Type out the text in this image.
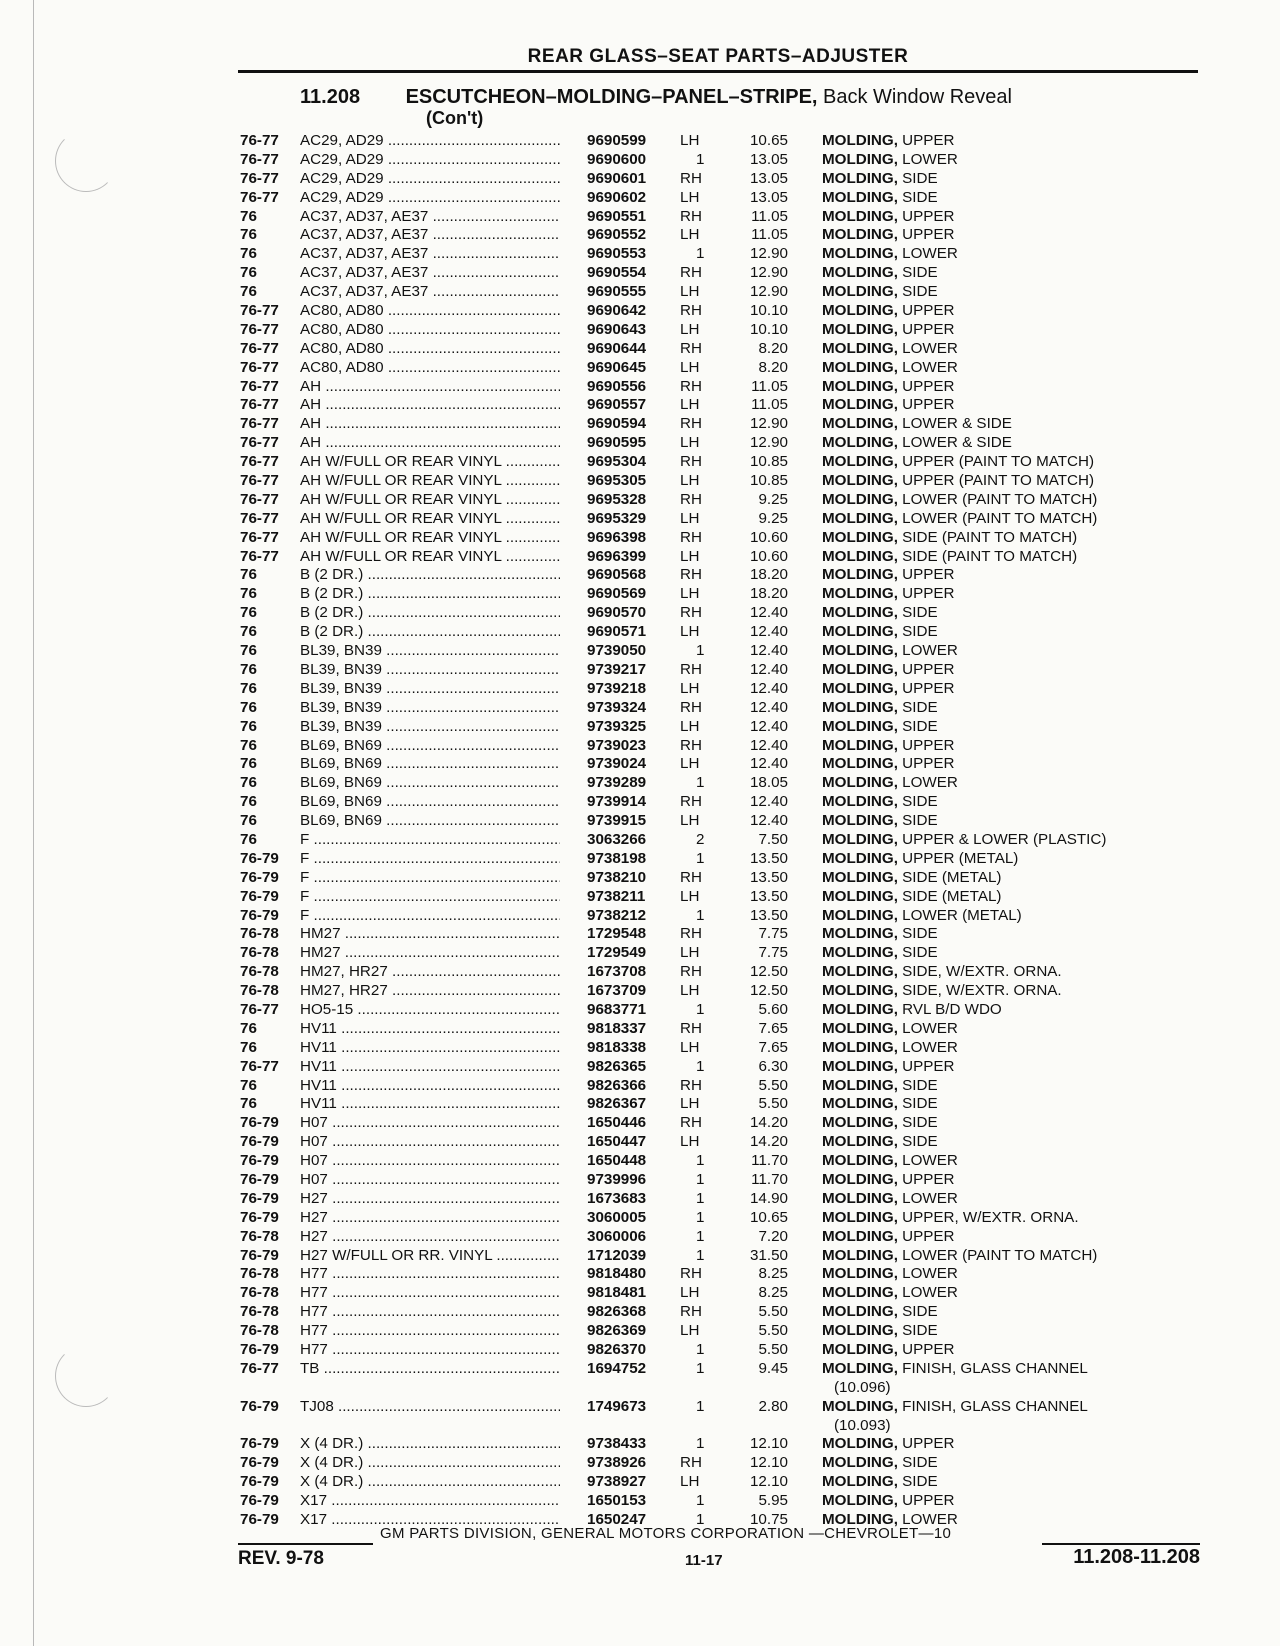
REAR GLASS–SEAT PARTS–ADJUSTER
11.208 ESCUTCHEON–MOLDING–PANEL–STRIPE, Back Window Reveal
(Con't)
76-77	AC29, AD29 .....	9690599	LH	10.65 MOLDING, UPPER
76-77	AC29, AD29 .....	9690600	1	13.05 MOLDING, LOWER
76-77	AC29, AD29 .....	9690601	RH	13.05 MOLDING, SIDE
76-77	AC29, AD29 .....	9690602	LH	13.05 MOLDING, SIDE
76	AC37, AD37, AE37 .....	9690551	RH	11.05 MOLDING, UPPER
76	AC37, AD37, AE37 .....	9690552	LH	11.05 MOLDING, UPPER
76	AC37, AD37, AE37 .....	9690553	1	12.90 MOLDING, LOWER
76	AC37, AD37, AE37 .....	9690554	RH	12.90 MOLDING, SIDE
76	AC37, AD37, AE37 .....	9690555	LH	12.90 MOLDING, SIDE
76-77	AC80, AD80 .....	9690642	RH	10.10 MOLDING, UPPER
76-77	AC80, AD80 .....	9690643	LH	10.10 MOLDING, UPPER
76-77	AC80, AD80 .....	9690644	RH	8.20 MOLDING, LOWER
76-77	AC80, AD80 .....	9690645	LH	8.20 MOLDING, LOWER
76-77	AH .....	9690556	RH	11.05 MOLDING, UPPER
76-77	AH .....	9690557	LH	11.05 MOLDING, UPPER
76-77	AH .....	9690594	RH	12.90 MOLDING, LOWER & SIDE
76-77	AH .....	9690595	LH	12.90 MOLDING, LOWER & SIDE
76-77	AH W/FULL OR REAR VINYL .....	9695304	RH	10.85 MOLDING, UPPER (PAINT TO MATCH)
76-77	AH W/FULL OR REAR VINYL .....	9695305	LH	10.85 MOLDING, UPPER (PAINT TO MATCH)
76-77	AH W/FULL OR REAR VINYL .....	9695328	RH	9.25 MOLDING, LOWER (PAINT TO MATCH)
76-77	AH W/FULL OR REAR VINYL .....	9695329	LH	9.25 MOLDING, LOWER (PAINT TO MATCH)
76-77	AH W/FULL OR REAR VINYL .....	9696398	RH	10.60 MOLDING, SIDE (PAINT TO MATCH)
76-77	AH W/FULL OR REAR VINYL .....	9696399	LH	10.60 MOLDING, SIDE (PAINT TO MATCH)
76	B (2 DR.) .....	9690568	RH	18.20 MOLDING, UPPER
76	B (2 DR.) .....	9690569	LH	18.20 MOLDING, UPPER
76	B (2 DR.) .....	9690570	RH	12.40 MOLDING, SIDE
76	B (2 DR.) .....	9690571	LH	12.40 MOLDING, SIDE
76	BL39, BN39 .....	9739050	1	12.40 MOLDING, LOWER
76	BL39, BN39 .....	9739217	RH	12.40 MOLDING, UPPER
76	BL39, BN39 .....	9739218	LH	12.40 MOLDING, UPPER
76	BL39, BN39 .....	9739324	RH	12.40 MOLDING, SIDE
76	BL39, BN39 .....	9739325	LH	12.40 MOLDING, SIDE
76	BL69, BN69 .....	9739023	RH	12.40 MOLDING, UPPER
76	BL69, BN69 .....	9739024	LH	12.40 MOLDING, UPPER
76	BL69, BN69 .....	9739289	1	18.05 MOLDING, LOWER
76	BL69, BN69 .....	9739914	RH	12.40 MOLDING, SIDE
76	BL69, BN69 .....	9739915	LH	12.40 MOLDING, SIDE
76	F .....	3063266	2	7.50 MOLDING, UPPER & LOWER (PLASTIC)
76-79	F .....	9738198	1	13.50 MOLDING, UPPER (METAL)
76-79	F .....	9738210	RH	13.50 MOLDING, SIDE (METAL)
76-79	F .....	9738211	LH	13.50 MOLDING, SIDE (METAL)
76-79	F .....	9738212	1	13.50 MOLDING, LOWER (METAL)
76-78	HM27 .....	1729548	RH	7.75 MOLDING, SIDE
76-78	HM27 .....	1729549	LH	7.75 MOLDING, SIDE
76-78	HM27, HR27 .....	1673708	RH	12.50 MOLDING, SIDE, W/EXTR. ORNA.
76-78	HM27, HR27 .....	1673709	LH	12.50 MOLDING, SIDE, W/EXTR. ORNA.
76-77	HO5-15 .....	9683771	1	5.60 MOLDING, RVL B/D WDO
76	HV11 .....	9818337	RH	7.65 MOLDING, LOWER
76	HV11 .....	9818338	LH	7.65 MOLDING, LOWER
76-77	HV11 .....	9826365	1	6.30 MOLDING, UPPER
76	HV11 .....	9826366	RH	5.50 MOLDING, SIDE
76	HV11 .....	9826367	LH	5.50 MOLDING, SIDE
76-79	H07 .....	1650446	RH	14.20 MOLDING, SIDE
76-79	H07 .....	1650447	LH	14.20 MOLDING, SIDE
76-79	H07 .....	1650448	1	11.70 MOLDING, LOWER
76-79	H07 .....	9739996	1	11.70 MOLDING, UPPER
76-79	H27 .....	1673683	1	14.90 MOLDING, LOWER
76-79	H27 .....	3060005	1	10.65 MOLDING, UPPER, W/EXTR. ORNA.
76-78	H27 .....	3060006	1	7.20 MOLDING, UPPER
76-79	H27 W/FULL OR RR. VINYL .....	1712039	1	31.50 MOLDING, LOWER (PAINT TO MATCH)
76-78	H77 .....	9818480	RH	8.25 MOLDING, LOWER
76-78	H77 .....	9818481	LH	8.25 MOLDING, LOWER
76-78	H77 .....	9826368	RH	5.50 MOLDING, SIDE
76-78	H77 .....	9826369	LH	5.50 MOLDING, SIDE
76-79	H77 .....	9826370	1	5.50 MOLDING, UPPER
76-77	TB .....	1694752	1	9.45 MOLDING, FINISH, GLASS CHANNEL
(10.096)
76-79	TJ08 .....	1749673	1	2.80 MOLDING, FINISH, GLASS CHANNEL
(10.093)
76-79	X (4 DR.) .....	9738433	1	12.10 MOLDING, UPPER
76-79	X (4 DR.) .....	9738926	RH	12.10 MOLDING, SIDE
76-79	X (4 DR.) .....	9738927	LH	12.10 MOLDING, SIDE
76-79	X17 .....	1650153	1	5.95 MOLDING, UPPER
76-79	X17 .....	1650247	1	10.75 MOLDING, LOWER
GM PARTS DIVISION, GENERAL MOTORS CORPORATION —CHEVROLET—10
REV. 9-78	11-17	11.208-11.208
